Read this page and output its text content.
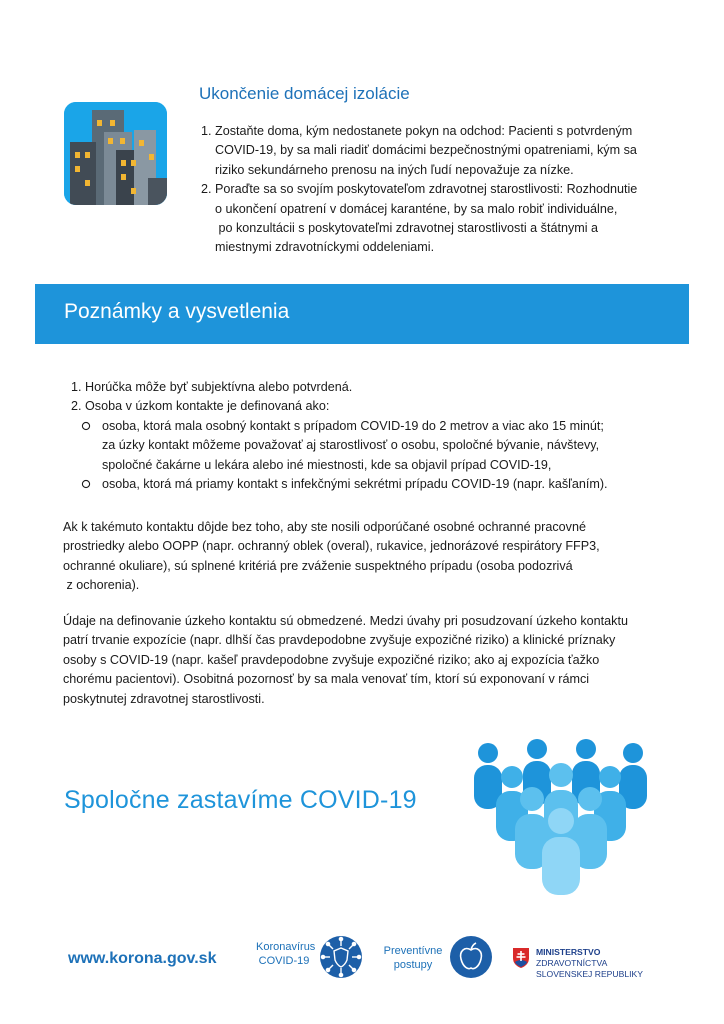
Ukončenie domácej izolácie
1. Zostaňte doma, kým nedostanete pokyn na odchod: Pacienti s potvrdeným
COVID-19, by sa mali riadiť domácimi bezpečnostnými opatreniami, kým sa
riziko sekundárneho prenosu na iných ľudí nepovažuje za nízke.
2. Poraďte sa so svojím poskytovateľom zdravotnej starostlivosti: Rozhodnutie
o ukončení opatrení v domácej karanténe, by sa malo robiť individuálne,
po konzultácii s poskytovateľmi zdravotnej starostlivosti a štátnymi a
miestnymi zdravotníckymi oddeleniami.
Poznámky a vysvetlenia
1. Horúčka môže byť subjektívna alebo potvrdená.
2. Osoba v úzkom kontakte je definovaná ako:
osoba, ktorá mala osobný kontakt s prípadom COVID-19 do 2 metrov a viac ako 15 minút;
za úzky kontakt môžeme považovať aj starostlivosť o osobu, spoločné bývanie, návštevy,
spoločné čakárne u lekára alebo iné miestnosti, kde sa objavil prípad COVID-19,
osoba, ktorá má priamy kontakt s infekčnými sekrétmi prípadu COVID-19 (napr. kašľaním).
Ak k takémuto kontaktu dôjde bez toho, aby ste nosili odporúčané osobné ochranné pracovné
prostriedky alebo OOPP (napr. ochranný oblek (overal), rukavice, jednorázové respirátory FFP3,
ochranné okuliare), sú splnené kritériá pre zváženie suspektného prípadu (osoba podozrivá
z ochorenia).
Údaje na definovanie úzkeho kontaktu sú obmedzené. Medzi úvahy pri posudzovaní úzkeho kontaktu
patrí trvanie expozície (napr. dlhší čas pravdepodobne zvyšuje expozičné riziko) a klinické príznaky
osoby s COVID-19 (napr. kašeľ pravdepodobne zvyšuje expozičné riziko; ako aj expozícia ťažko
chorému pacientovi). Osobitná pozornosť by sa mala venovať tím, ktorí sú exponovaní v rámci
poskytnutej zdravotnej starostlivosti.
Spoločne zastavíme COVID-19
www.korona.gov.sk
Koronavírus
COVID-19
Preventívne
postupy
MINISTERSTVO
ZDRAVOTNÍCTVA
SLOVENSKEJ REPUBLIKY
